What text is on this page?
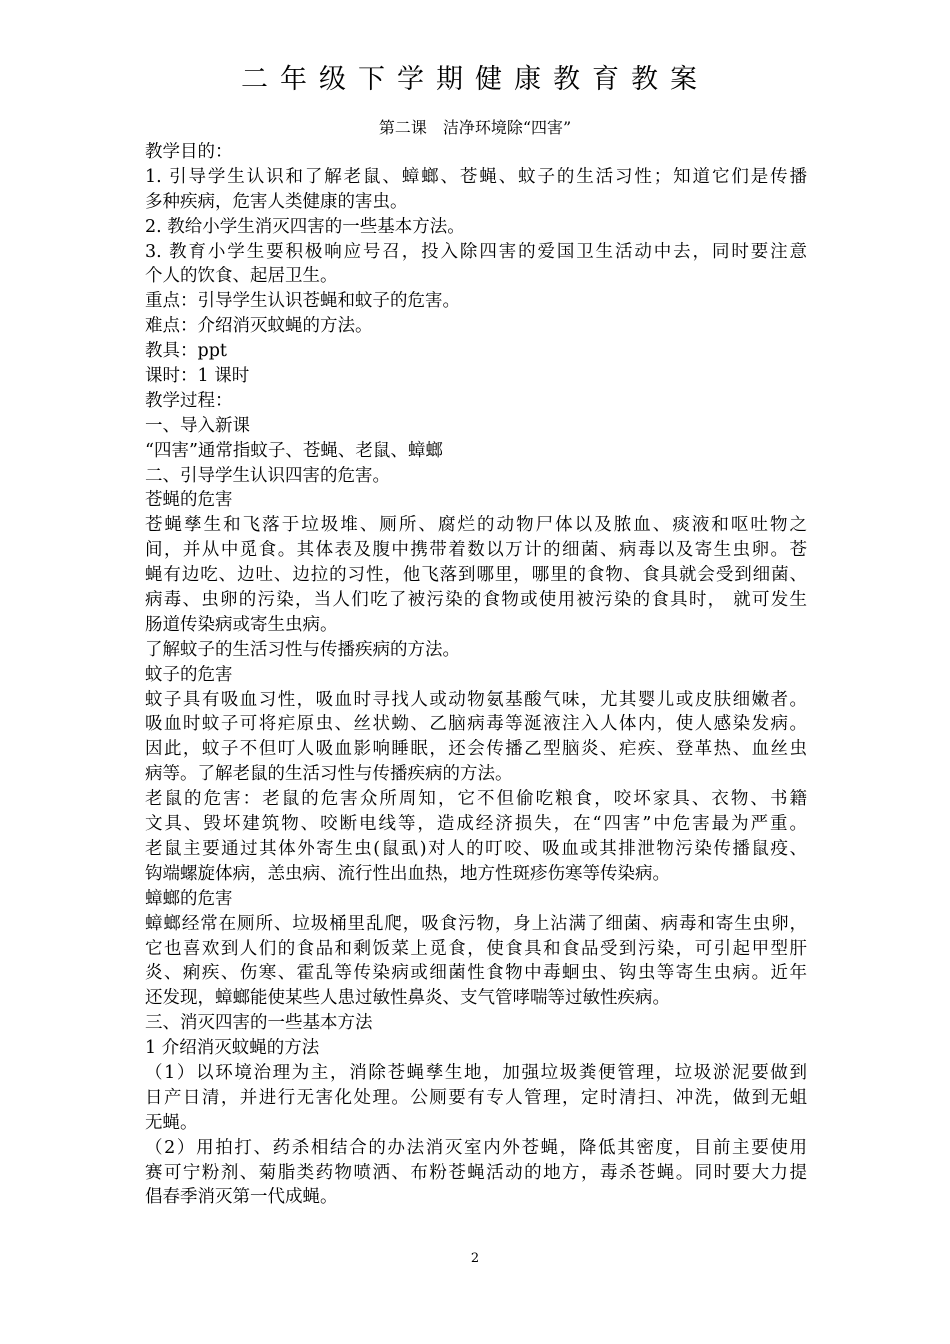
二年级下学期健康教育教案
第二课　洁净环境除“四害”
教学目的：
1. 引导学生认识和了解老鼠、蟑螂、苍蝇、蚊子的生活习性；知道它们是传播
多种疾病，危害人类健康的害虫。
2. 教给小学生消灭四害的一些基本方法。
3. 教育小学生要积极响应号召，投入除四害的爱国卫生活动中去，同时要注意
个人的饮食、起居卫生。
重点：引导学生认识苍蝇和蚊子的危害。
难点：介绍消灭蚊蝇的方法。
教具：ppt
课时：1 课时
教学过程：
一、导入新课
“四害”通常指蚊子、苍蝇、老鼠、蟑螂
二、引导学生认识四害的危害。
苍蝇的危害
苍蝇孳生和飞落于垃圾堆、厕所、腐烂的动物尸体以及脓血、痰液和呕吐物之
间，并从中觅食。其体表及腹中携带着数以万计的细菌、病毒以及寄生虫卵。苍
蝇有边吃、边吐、边拉的习性，他飞落到哪里，哪里的食物、食具就会受到细菌、
病毒、虫卵的污染，当人们吃了被污染的食物或使用被污染的食具时， 就可发生
肠道传染病或寄生虫病。
了解蚊子的生活习性与传播疾病的方法。
蚊子的危害
蚊子具有吸血习性，吸血时寻找人或动物氨基酸气味，尤其婴儿或皮肤细嫩者。
吸血时蚊子可将疟原虫、丝状蚴、乙脑病毒等涎液注入人体内，使人感染发病。
因此，蚊子不但叮人吸血影响睡眠，还会传播乙型脑炎、疟疾、登革热、血丝虫
病等。了解老鼠的生活习性与传播疾病的方法。
老鼠的危害：老鼠的危害众所周知，它不但偷吃粮食，咬坏家具、衣物、书籍
文具、毁坏建筑物、咬断电线等，造成经济损失，在“四害”中危害最为严重。
老鼠主要通过其体外寄生虫(鼠虱)对人的叮咬、吸血或其排泄物污染传播鼠疫、
钩端螺旋体病，恙虫病、流行性出血热，地方性斑疹伤寒等传染病。
蟑螂的危害
蟑螂经常在厕所、垃圾桶里乱爬，吸食污物，身上沾满了细菌、病毒和寄生虫卵，
它也喜欢到人们的食品和剩饭菜上觅食，使食具和食品受到污染，可引起甲型肝
炎、痢疾、伤寒、霍乱等传染病或细菌性食物中毒蛔虫、钩虫等寄生虫病。近年
还发现，蟑螂能使某些人患过敏性鼻炎、支气管哮喘等过敏性疾病。
三、消灭四害的一些基本方法
1 介绍消灭蚊蝇的方法
（1）以环境治理为主，消除苍蝇孳生地，加强垃圾粪便管理，垃圾淤泥要做到
日产日清，并进行无害化处理。公厕要有专人管理，定时清扫、冲洗，做到无蛆
无蝇。
（2）用拍打、药杀相结合的办法消灭室内外苍蝇，降低其密度，目前主要使用
赛可宁粉剂、菊脂类药物喷洒、布粉苍蝇活动的地方，毒杀苍蝇。同时要大力提
倡春季消灭第一代成蝇。
2
